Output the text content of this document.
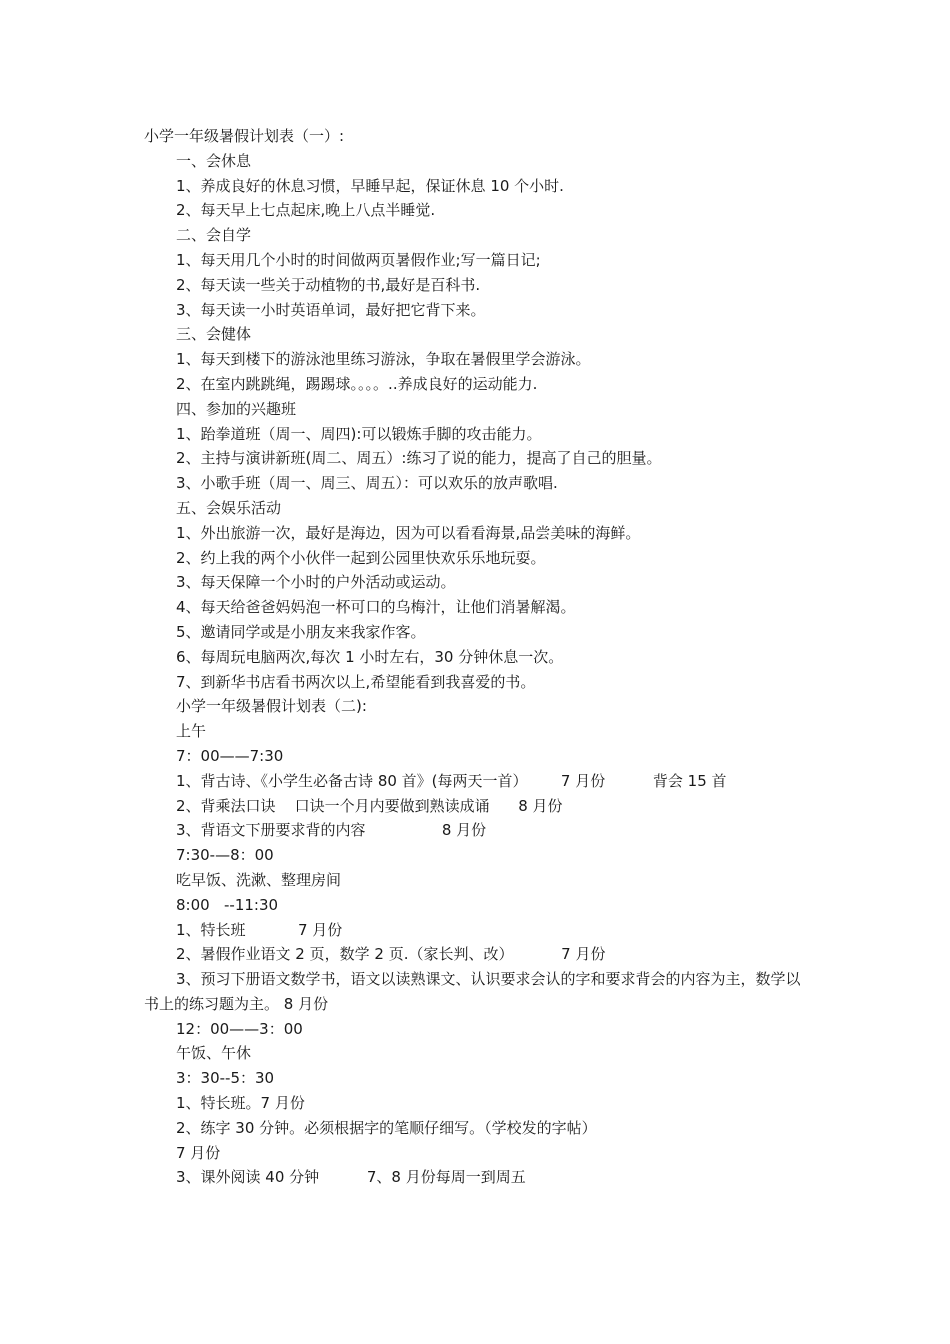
小学一年级暑假计划表（一）:
一、会休息
1、养成良好的休息习惯，早睡早起，保证休息 10 个小时.
2、每天早上七点起床,晚上八点半睡觉.
二、会自学
1、每天用几个小时的时间做两页暑假作业;写一篇日记;
2、每天读一些关于动植物的书,最好是百科书.
3、每天读一小时英语单词，最好把它背下来。
三、会健体
1、每天到楼下的游泳池里练习游泳，争取在暑假里学会游泳。
2、在室内跳跳绳，踢踢球。。。。..养成良好的运动能力.
四、参加的兴趣班
1、跆拳道班（周一、周四):可以锻炼手脚的攻击能力。
2、主持与演讲新班(周二、周五）:练习了说的能力，提高了自己的胆量。
3、小歌手班（周一、周三、周五）：可以欢乐的放声歌唱.
五、会娱乐活动
1、外出旅游一次，最好是海边，因为可以看看海景,品尝美味的海鲜。
2、约上我的两个小伙伴一起到公园里快欢乐乐地玩耍。
3、每天保障一个小时的户外活动或运动。
4、每天给爸爸妈妈泡一杯可口的乌梅汁，让他们消暑解渴。
5、邀请同学或是小朋友来我家作客。
6、每周玩电脑两次,每次 1 小时左右，30 分钟休息一次。
7、到新华书店看书两次以上,希望能看到我喜爱的书。
小学一年级暑假计划表（二):
上午
7：00——7:30
1、背古诗、《小学生必备古诗 80 首》(每两天一首）       7 月份          背会 15 首
2、背乘法口诀    口诀一个月内要做到熟读成诵      8 月份
3、背语文下册要求背的内容                8 月份
7:30-—8：00
吃早饭、洗漱、整理房间
8:00   --11:30
1、特长班           7 月份
2、暑假作业语文 2 页，数学 2 页.（家长判、改）          7 月份
3、预习下册语文数学书，语文以读熟课文、认识要求会认的字和要求背会的内容为主，数学以书上的练习题为主。 8 月份
12：00——3：00
午饭、午休
3：30--5：30
1、特长班。7 月份
2、练字 30 分钟。必须根据字的笔顺仔细写。（学校发的字帖）
7 月份
3、课外阅读 40 分钟          7、8 月份每周一到周五
